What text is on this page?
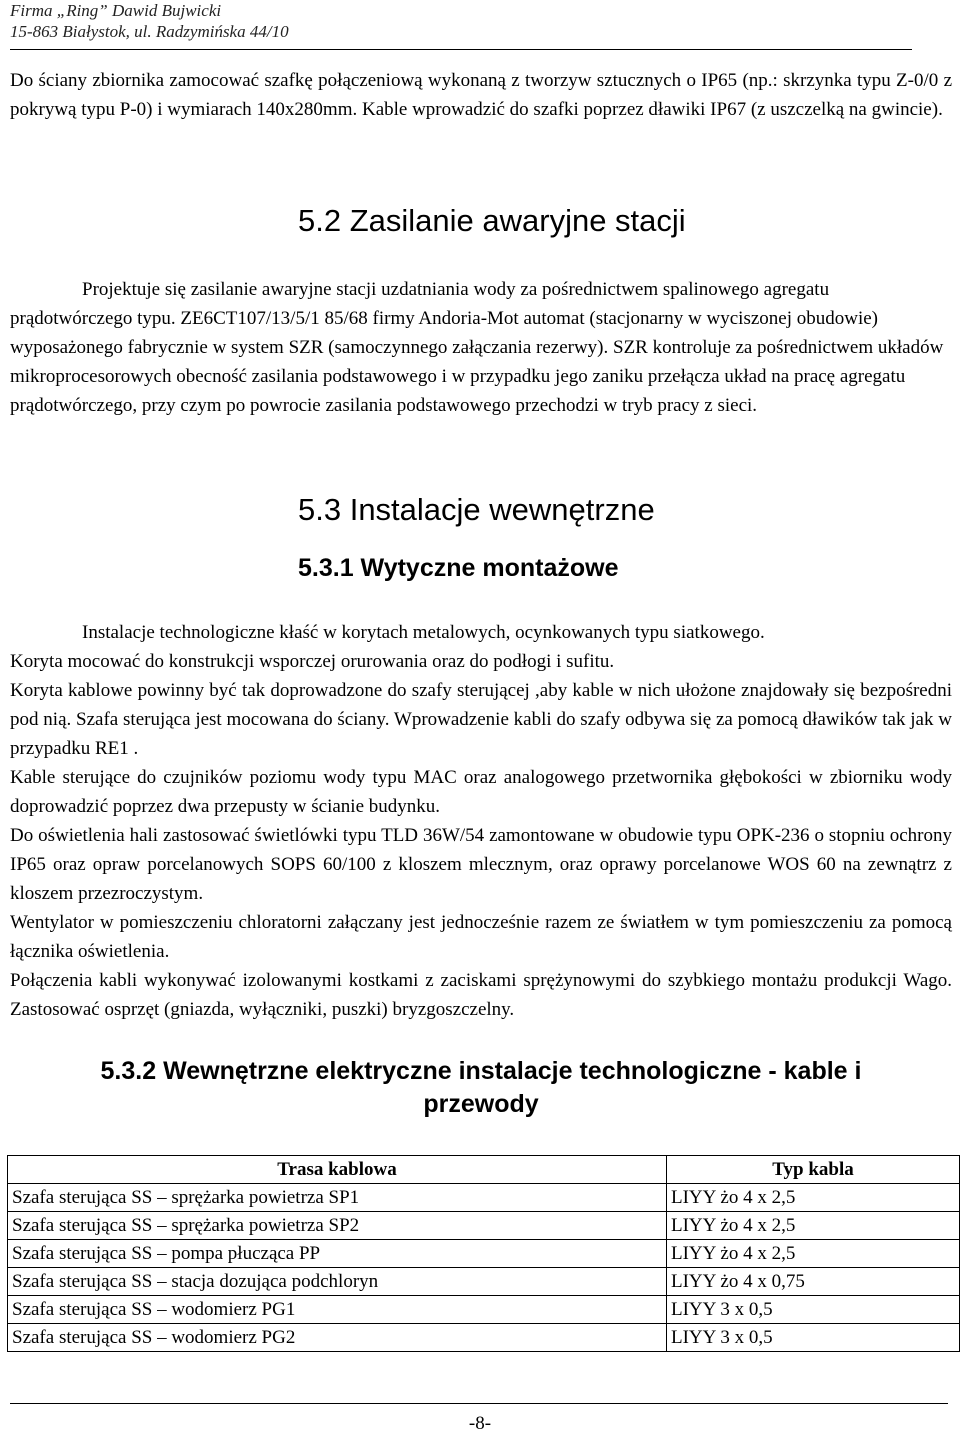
Firma „Ring” Dawid Bujwicki
15-863 Białystok, ul. Radzymińska 44/10
Do ściany zbiornika zamocować szafkę połączeniową wykonaną z tworzyw sztucznych o IP65 (np.: skrzynka typu Z-0/0 z pokrywą typu P-0) i wymiarach 140x280mm. Kable wprowadzić do szafki poprzez dławiki IP67 (z uszczelką na gwincie).
5.2 Zasilanie awaryjne stacji
Projektuje się zasilanie awaryjne stacji uzdatniania wody za pośrednictwem spalinowego agregatu prądotwórczego typu. ZE6CT107/13/5/1 85/68 firmy Andoria-Mot automat (stacjonarny w wyciszonej obudowie) wyposażonego fabrycznie w system SZR (samoczynnego załączania rezerwy). SZR kontroluje za pośrednictwem układów mikroprocesorowych obecność zasilania podstawowego i w przypadku jego zaniku przełącza układ na pracę agregatu prądotwórczego, przy czym po powrocie zasilania podstawowego przechodzi w tryb pracy z sieci.
5.3 Instalacje wewnętrzne
5.3.1 Wytyczne montażowe
Instalacje technologiczne kłaść w korytach metalowych, ocynkowanych typu siatkowego.
Koryta mocować do konstrukcji wsporczej orurowania oraz do podłogi i sufitu.
Koryta kablowe powinny być tak doprowadzone do szafy sterującej ,aby kable w nich ułożone znajdowały się bezpośredni pod nią. Szafa sterująca jest mocowana do ściany. Wprowadzenie kabli do szafy odbywa się za pomocą dławików tak jak w przypadku RE1 .
Kable sterujące do czujników poziomu wody typu MAC oraz analogowego przetwornika głębokości w zbiorniku wody doprowadzić poprzez dwa przepusty w ścianie budynku.
Do oświetlenia hali zastosować świetlówki typu TLD 36W/54 zamontowane w obudowie typu OPK-236 o stopniu ochrony IP65 oraz opraw porcelanowych SOPS 60/100 z kloszem mlecznym, oraz oprawy porcelanowe WOS 60 na zewnątrz z kloszem przezroczystym.
Wentylator w pomieszczeniu chloratorni załączany jest jednocześnie razem ze światłem w tym pomieszczeniu za pomocą łącznika oświetlenia.
Połączenia kabli wykonywać izolowanymi kostkami z zaciskami sprężynowymi do szybkiego montażu produkcji Wago. Zastosować osprzęt (gniazda, wyłączniki, puszki) bryzgoszczelny.
5.3.2 Wewnętrzne elektryczne instalacje technologiczne - kable i przewody
Trasa kablowa	Typ kabla
Szafa sterująca SS – sprężarka powietrza SP1	LIYY żo 4 x 2,5
Szafa sterująca SS – sprężarka powietrza SP2	LIYY żo 4 x 2,5
Szafa sterująca SS – pompa płucząca PP	LIYY żo 4 x 2,5
Szafa sterująca SS – stacja dozująca podchloryn	LIYY żo 4 x 0,75
Szafa sterująca SS – wodomierz PG1	LIYY 3 x 0,5
Szafa sterująca SS – wodomierz PG2	LIYY 3 x 0,5
-8-
